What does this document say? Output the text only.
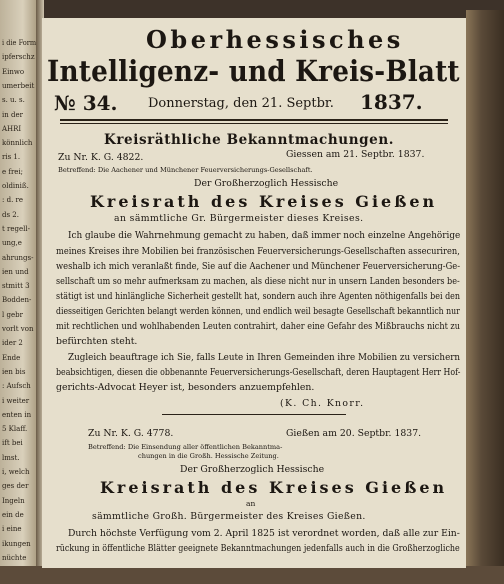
i die Form
ipferschz
Einwo
umerbeit
s. u. s.
in der
AHRI
könnlich
ris 1.
e frei;
oldiniß.
: d. re
ds 2.
t regell-
ung,e
ahrungs-
ien und
stmitt 3
Bodden-
l gebr
vorlt von
ider 2
Ende
ien bis
: Aufsch
i weiter
enten in
5 Klaff.
ift bei
lmst.
i, welch
ges der
Ingeln
ein de
i eine
ikungen
nüchte
Oberhessisches
Intelligenz- und Kreis-Blatt
№ 34. Donnerstag, den 21. Septbr. 1837.
Kreisräthliche Bekanntmachungen.
Zu Nr. K. G. 4822.	Giessen am 21. Septbr. 1837.
Betreffend: Die Aachener und Münchener Feuerversicherungs-Gesellschaft.
Der Großherzoglich Hessische
Kreisrath des Kreises Gießen
an sämmtliche Gr. Bürgermeister dieses Kreises.
Ich glaube die Wahrnehmung gemacht zu haben, daß immer noch einzelne Angehörige
meines Kreises ihre Mobilien bei französischen Feuerversicherungs-Gesellschaften assecuriren,
weshalb ich mich veranlaßt finde, Sie auf die Aachener und Münchener Feuerversicherung-Ge-
sellschaft um so mehr aufmerksam zu machen, als diese nicht nur in unsern Landen besonders be-
stätigt ist und hinlängliche Sicherheit gestellt hat, sondern auch ihre Agenten nöthigenfalls bei den
diesseitigen Gerichten belangt werden können, und endlich weil besagte Gesellschaft bekanntlich nur
mit rechtlichen und wohlhabenden Leuten contrahirt, daher eine Gefahr des Mißbrauchs nicht zu
befürchten steht.
Zugleich beauftrage ich Sie, falls Leute in Ihren Gemeinden ihre Mobilien zu versichern
beabsichtigen, diesen die obbenannte Feuerversicherungs-Gesellschaft, deren Hauptagent Herr Hof-
gerichts-Advocat Heyer ist, besonders anzuempfehlen.
(K. Ch. Knorr.
Zu Nr. K. G. 4778.	Gießen am 20. Septbr. 1837.
Betreffend: Die Einsendung aller öffentlichen Bekanntma-
chungen in die Großh. Hessische Zeitung.
Der Großherzoglich Hessische
Kreisrath des Kreises Gießen
an
sämmtliche Großh. Bürgermeister des Kreises Gießen.
Durch höchste Verfügung vom 2. April 1825 ist verordnet worden, daß alle zur Ein-
rückung in öffentliche Blätter geeignete Bekanntmachungen jedenfalls auch in die Großherzogliche
